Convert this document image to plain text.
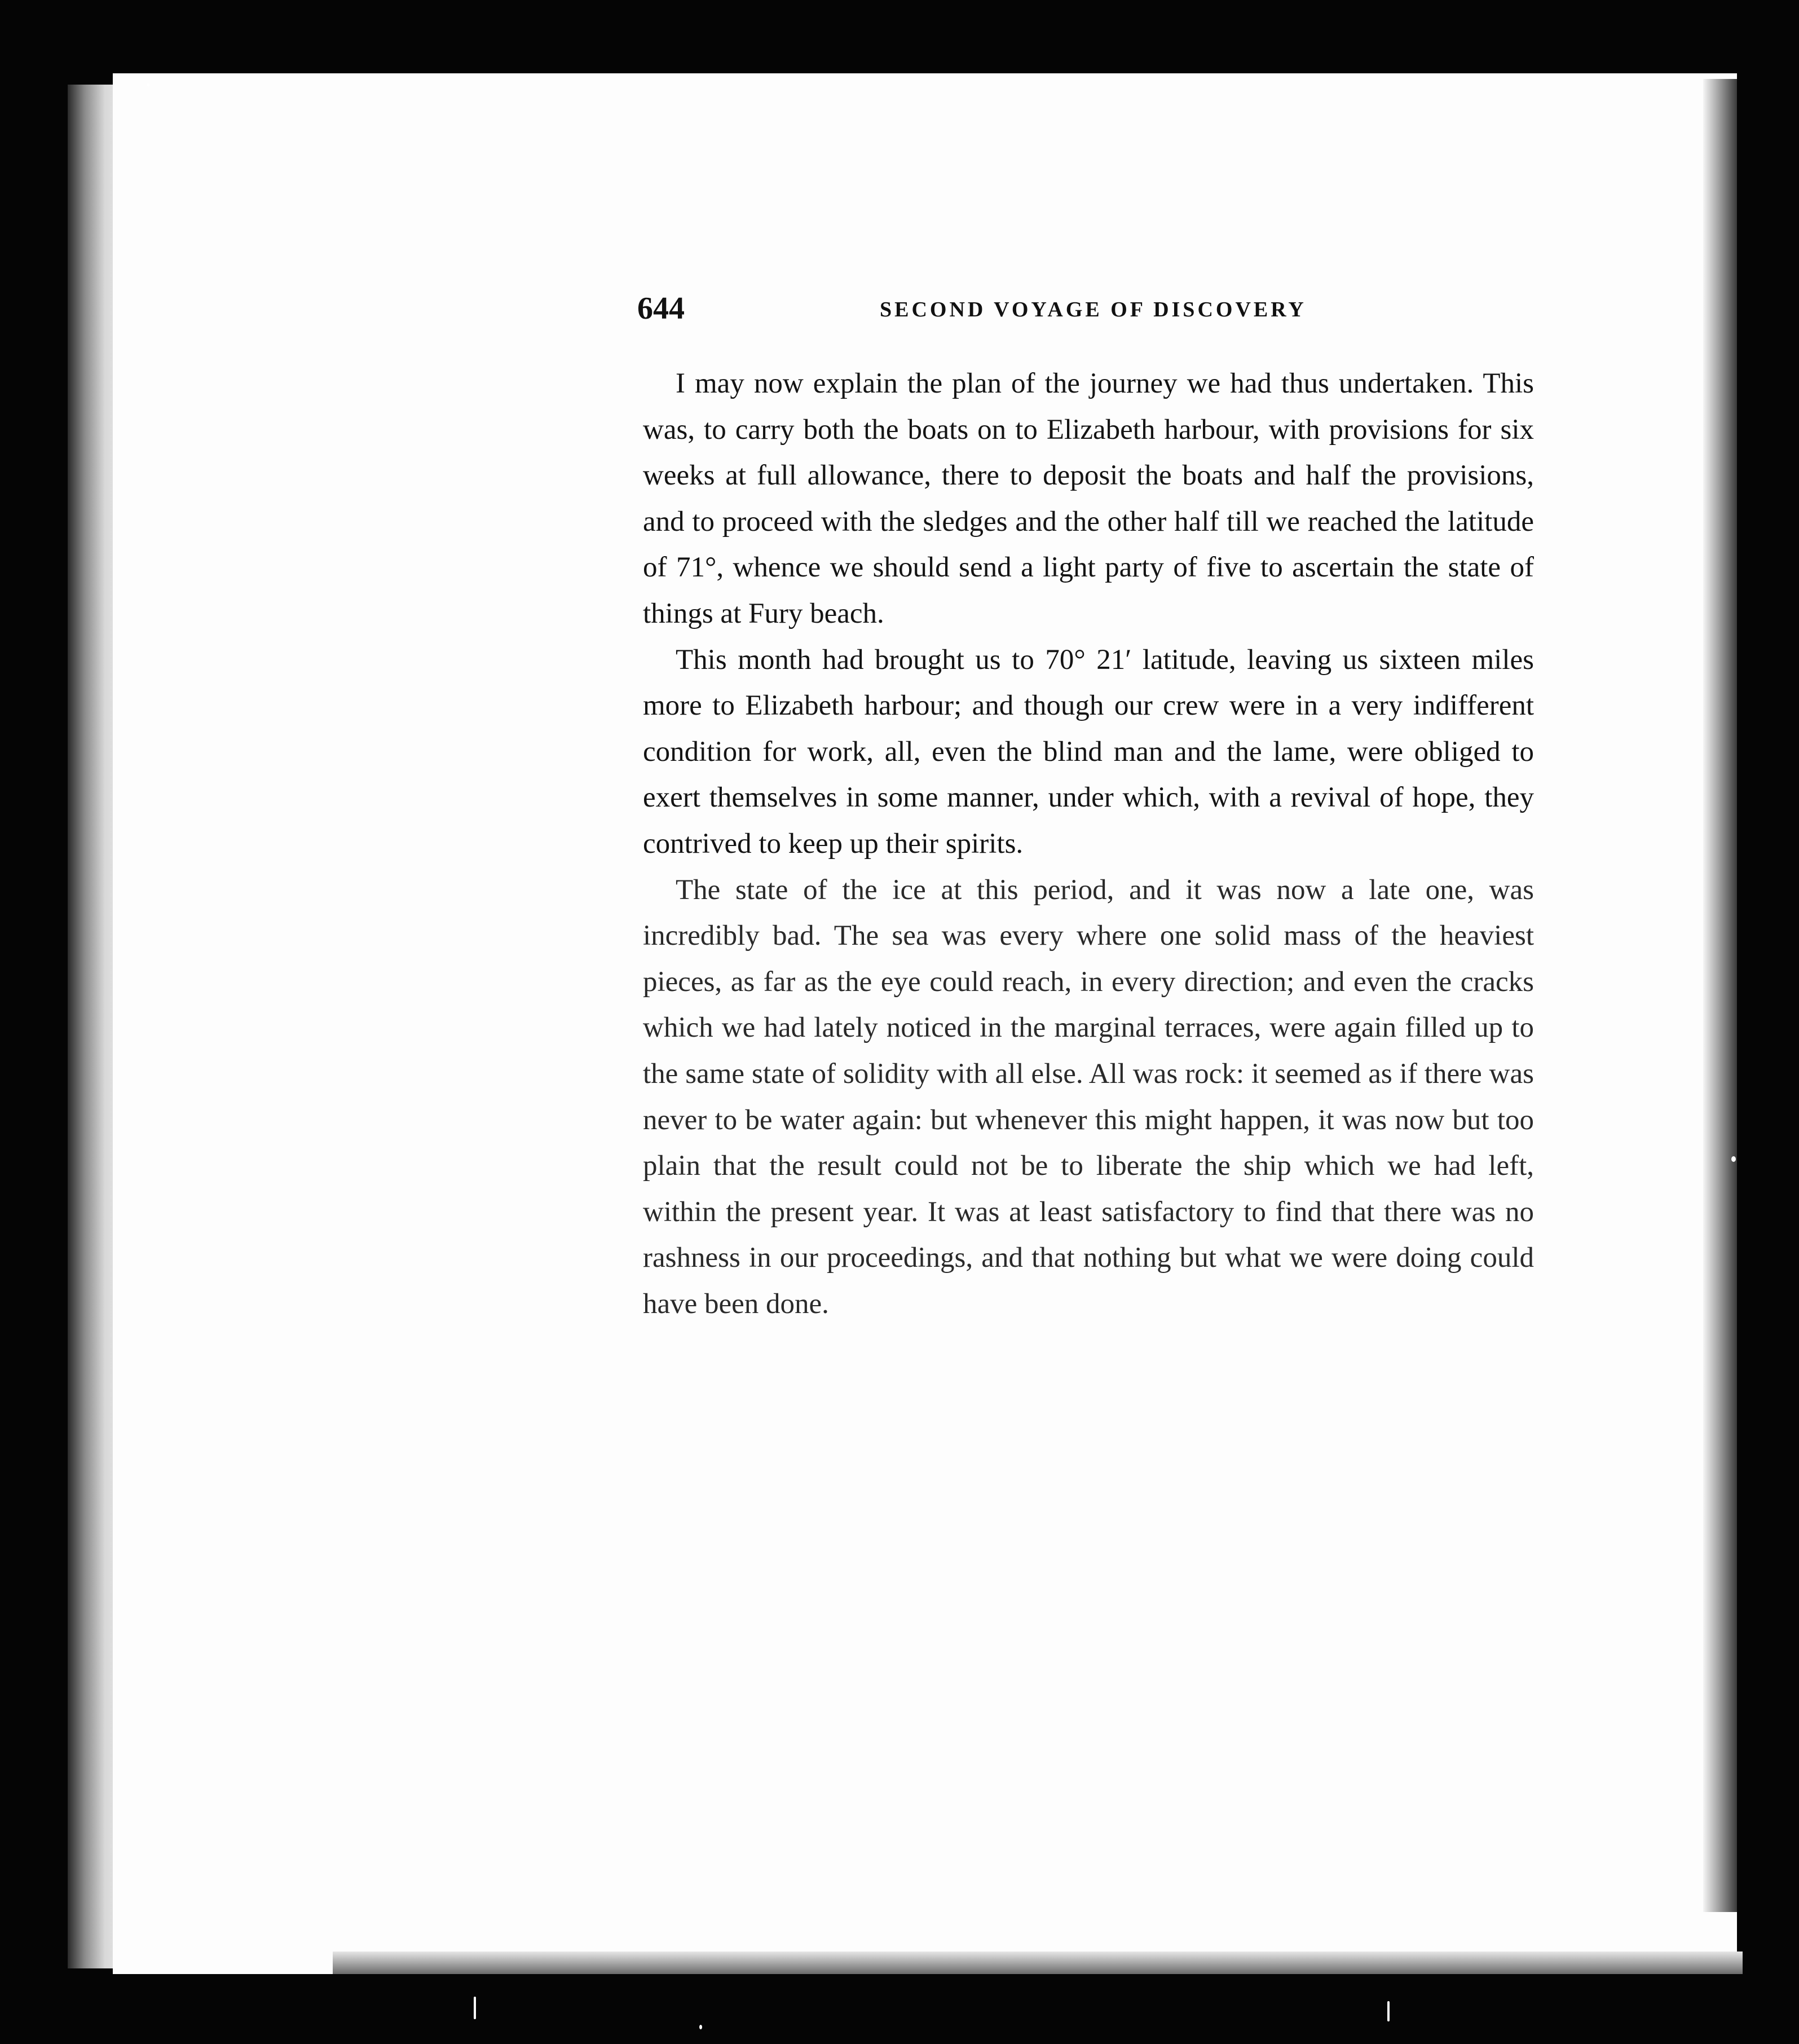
644	SECOND VOYAGE OF DISCOVERY

I may now explain the plan of the journey we had thus undertaken. This was, to carry both the boats on to Elizabeth harbour, with provisions for six weeks at full allowance, there to deposit the boats and half the provisions, and to proceed with the sledges and the other half till we reached the latitude of 71°, whence we should send a light party of five to ascertain the state of things at Fury beach.

This month had brought us to 70° 21′ latitude, leaving us sixteen miles more to Elizabeth harbour; and though our crew were in a very indifferent condition for work, all, even the blind man and the lame, were obliged to exert themselves in some manner, under which, with a revival of hope, they contrived to keep up their spirits.

The state of the ice at this period, and it was now a late one, was incredibly bad. The sea was every where one solid mass of the heaviest pieces, as far as the eye could reach, in every direction; and even the cracks which we had lately noticed in the marginal terraces, were again filled up to the same state of solidity with all else. All was rock: it seemed as if there was never to be water again: but whenever this might happen, it was now but too plain that the result could not be to liberate the ship which we had left, within the present year. It was at least satisfactory to find that there was no rashness in our proceedings, and that nothing but what we were doing could have been done.
